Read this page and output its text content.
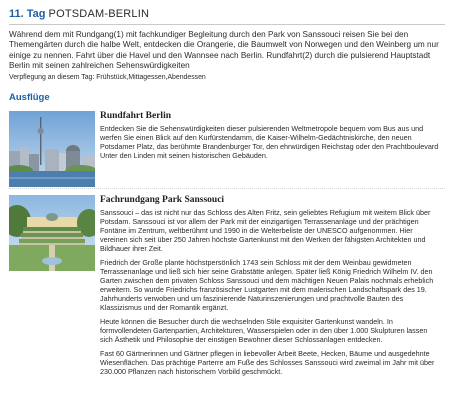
11. Tag POTSDAM-BERLIN
Während dem mit Rundgang(1) mit fachkundiger Begleitung durch den Park von Sanssouci reisen Sie bei den Themengärten durch die halbe Welt, entdecken die Orangerie, die Baumwelt von Norwegen und den Weinberg um nur einige zu nennen. Fahrt über die Havel und den Wannsee nach Berlin. Rundfahrt(2) durch die pulsierend Hauptstadt Berlin mit seinen zahlreichen Sehenswürdigkeiten
Verpflegung an diesem Tag: Frühstück,Mittagessen,Abendessen
Ausflüge
Rundfahrt Berlin

Entdecken Sie die Sehenswürdigkeiten dieser pulsierenden Weltmetropole bequem vom Bus aus und werfen Sie einen Blick auf den Kurfürstendamm, die Kaiser-Wilhelm-Gedächtniskirche, den neuen Potsdamer Platz, das berühmte Brandenburger Tor, den ehrwürdigen Reichstag oder den Prachtboulevard Unter den Linden mit seinen historischen Gebäuden.

Fachrundgang Park Sanssouci

Sanssouci – das ist nicht nur das Schloss des Alten Fritz, sein geliebtes Refugium mit weitem Blick über Potsdam. Sanssouci ist vor allem der Park mit der einzigartigen Terrassenanlage und der prächtigen Fontäne im Zentrum, weltberühmt und 1990 in die Welterbeliste der UNESCO aufgenommen. Hier vereinen sich seit über 250 Jahren höchste Gartenkunst mit den Werken der fähigsten Architekten und Bildhauer ihrer Zeit.

Friedrich der Große plante höchstpersönlich 1743 sein Schloss mit der dem Weinbau gewidmeten Terrassenanlage und ließ sich hier seine Grabstätte anlegen. Später ließ König Friedrich Wilhelm IV. den Garten zwischen dem privaten Schloss Sanssouci und dem mächtigen Neuen Palais nochmals erheblich erweitern. So wurde Friedrichs französischer Lustgarten mit dem malerischen Landschaftspark des 19. Jahrhunderts verwoben und um faszinierende Naturinszenierungen und prachtvolle Bauten des Klassizismus und der Romantik ergänzt.

Heute können die Besucher durch die wechselnden Stile exquisiter Gartenkunst wandeln. In formvollendeten Gartenpartien, Architekturen, Wasserspielen oder in den über 1.000 Skulpturen lassen sich Ästhetik und Philosophie der einstigen Bewohner dieser Schlossanlagen entdecken.

Fast 60 Gärtnerinnen und Gärtner pflegen in liebevoller Arbeit Beete, Hecken, Bäume und ausgedehnte Wiesenflächen. Das prächtige Parterre am Fuße des Schlosses Sanssouci wird zweimal im Jahr mit über 230.000 Pflanzen nach historischem Vorbild geschmückt.
